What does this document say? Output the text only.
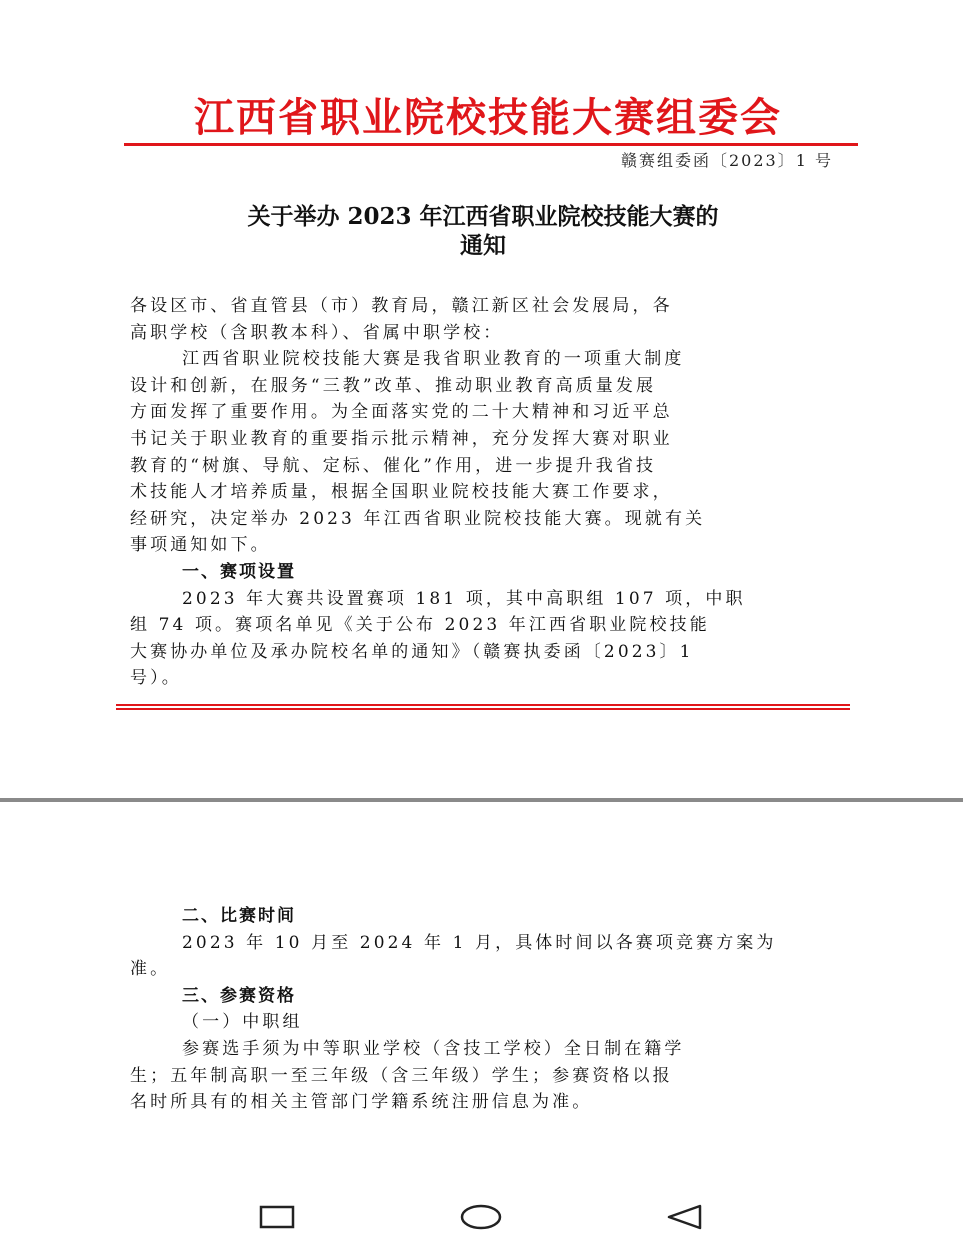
江西省职业院校技能大赛组委会
赣赛组委函〔2023〕1 号
关于举办 2023 年江西省职业院校技能大赛的
通知
各设区市、省直管县（市）教育局，赣江新区社会发展局，各
高职学校（含职教本科）、省属中职学校：
江西省职业院校技能大赛是我省职业教育的一项重大制度
设计和创新，在服务“三教”改革、推动职业教育高质量发展
方面发挥了重要作用。为全面落实党的二十大精神和习近平总
书记关于职业教育的重要指示批示精神，充分发挥大赛对职业
教育的“树旗、导航、定标、催化”作用，进一步提升我省技
术技能人才培养质量，根据全国职业院校技能大赛工作要求，
经研究，决定举办 2023 年江西省职业院校技能大赛。现就有关
事项通知如下。
一、赛项设置
2023 年大赛共设置赛项 181 项，其中高职组 107 项，中职
组 74 项。赛项名单见《关于公布 2023 年江西省职业院校技能
大赛协办单位及承办院校名单的通知》（赣赛执委函〔2023〕1
号）。
二、比赛时间
2023 年 10 月至 2024 年 1 月，具体时间以各赛项竞赛方案为
准。
三、参赛资格
（一）中职组
参赛选手须为中等职业学校（含技工学校）全日制在籍学
生；五年制高职一至三年级（含三年级）学生；参赛资格以报
名时所具有的相关主管部门学籍系统注册信息为准。
